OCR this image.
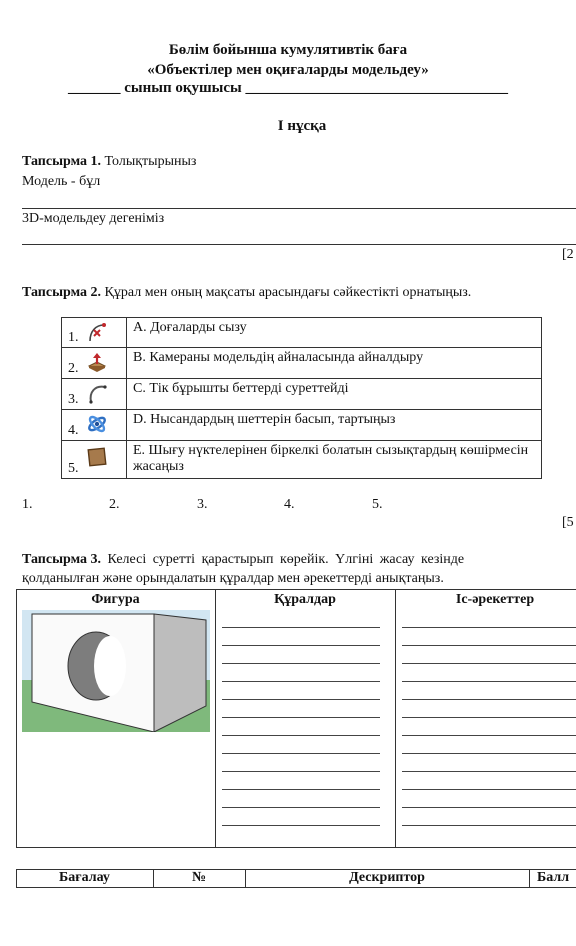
Бөлім бойынша кумулятивтік баға
«Объектілер мен оқиғаларды модельдеу»
_______ сынып оқушысы ___________________________________
І нұсқа
Тапсырма 1. Толықтырыныз
Модель - бұл
3D-модельдеу дегеніміз
[2
Тапсырма 2. Құрал мен оның мақсаты арасындағы сәйкестікті орнатыңыз.
1.	A. Доғаларды сызу

2.	B. Камераны модельдің айналасында айналдыру

3.	C. Тік бұрышты беттерді суреттейді

4.	D. Нысандардың шеттерін басып, тартыңыз

5.	E. Шығу нүктелерінен біркелкі болатын сызықтардың көшірмесін жасаңыз
1.	2.	3.	4.	5.
[5
Тапсырма 3. Келесі суретті қарастырып көрейік. Үлгіні жасау кезінде
қолданылған және орындалатын құралдар мен әрекеттерді анықтаңыз.
Фигура	Құралдар	Іс-әрекеттер
Бағалау	№	Дескриптор	Балл
